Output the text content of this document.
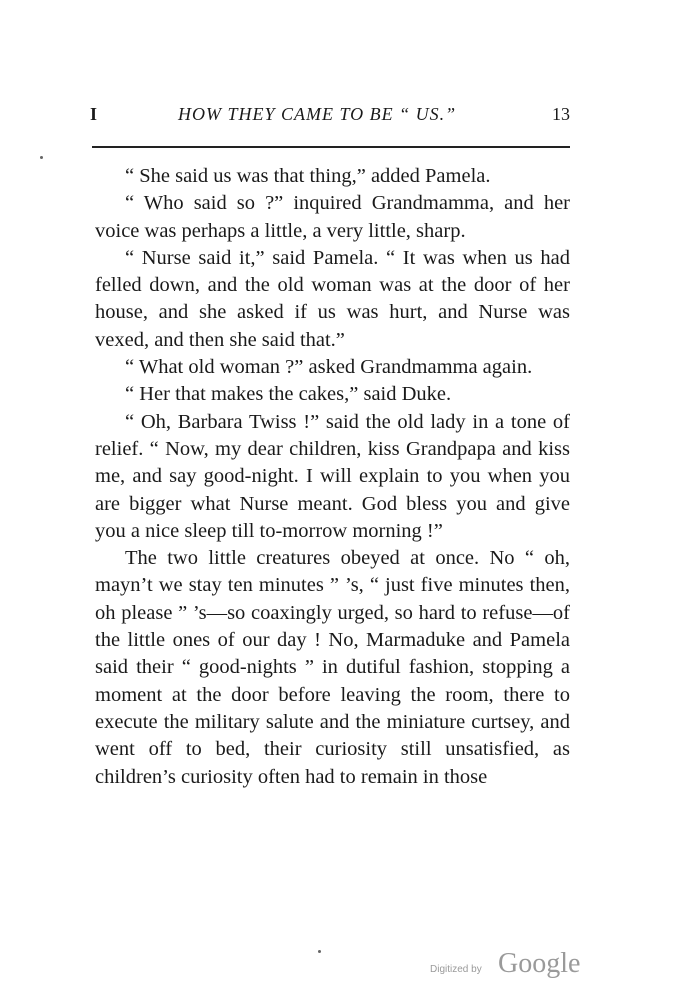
I	HOW THEY CAME TO BE “ US.”	13

“ She said us was that thing,” added Pamela.

“ Who said so ?” inquired Grandmamma, and her voice was perhaps a little, a very little, sharp.

“ Nurse said it,” said Pamela. “ It was when us had felled down, and the old woman was at the door of her house, and she asked if us was hurt, and Nurse was vexed, and then she said that.”

“ What old woman ?” asked Grandmamma again.

“ Her that makes the cakes,” said Duke.

“ Oh, Barbara Twiss !” said the old lady in a tone of relief. “ Now, my dear children, kiss Grandpapa and kiss me, and say good-night. I will explain to you when you are bigger what Nurse meant. God bless you and give you a nice sleep till to-morrow morning !”

The two little creatures obeyed at once. No “ oh, mayn’t we stay ten minutes ” ’s, “ just five minutes then, oh please ” ’s—so coaxingly urged, so hard to refuse—of the little ones of our day ! No, Marmaduke and Pamela said their “ good-nights ” in dutiful fashion, stopping a moment at the door before leaving the room, there to execute the military salute and the miniature curtsey, and went off to bed, their curiosity still unsatisfied, as children’s curiosity often had to remain in those

Digitized by Google
